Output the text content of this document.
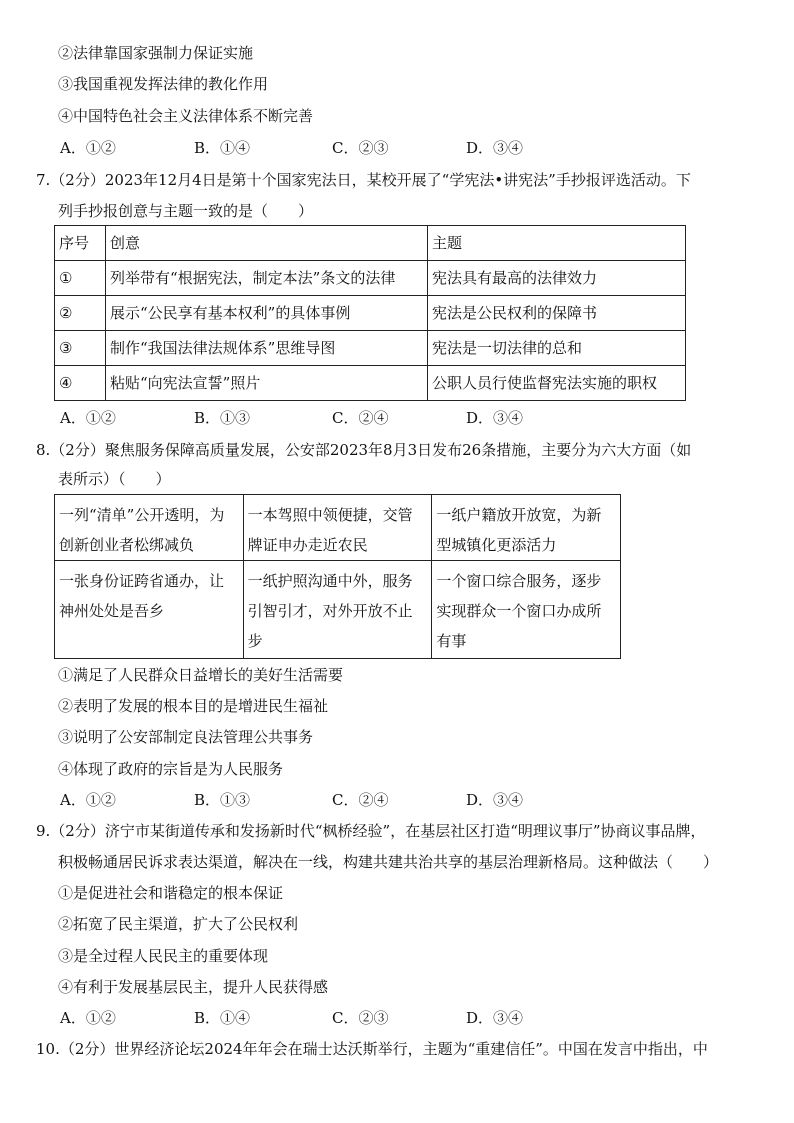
②法律靠国家强制力保证实施
③我国重视发挥法律的教化作用
④中国特色社会主义法律体系不断完善
A．①②	B．①④	C．②③	D．③④
7.（2分）2023年12月4日是第十个国家宪法日，某校开展了“学宪法•讲宪法”手抄报评选活动。下
列手抄报创意与主题一致的是（　　）
序号	创意	主题
①	列举带有“根据宪法，制定本法”条文的法律	宪法具有最高的法律效力
②	展示“公民享有基本权利”的具体事例	宪法是公民权利的保障书
③	制作“我国法律法规体系”思维导图	宪法是一切法律的总和
④	粘贴“向宪法宣誓”照片	公职人员行使监督宪法实施的职权
A．①②	B．①③	C．②④	D．③④
8.（2分）聚焦服务保障高质量发展，公安部2023年8月3日发布26条措施，主要分为六大方面（如
表所示）（　　）
一列“清单”公开透明，为创新创业者松绑减负	一本驾照中领便捷，交管牌证申办走近农民	一纸户籍放开放宽，为新型城镇化更添活力
一张身份证跨省通办，让神州处处是吾乡	一纸护照沟通中外，服务引智引才，对外开放不止步	一个窗口综合服务，逐步实现群众一个窗口办成所有事
①满足了人民群众日益增长的美好生活需要
②表明了发展的根本目的是增进民生福祉
③说明了公安部制定良法管理公共事务
④体现了政府的宗旨是为人民服务
A．①②	B．①③	C．②④	D．③④
9.（2分）济宁市某街道传承和发扬新时代“枫桥经验”，在基层社区打造“明理议事厅”协商议事品牌，
积极畅通居民诉求表达渠道，解决在一线，构建共建共治共享的基层治理新格局。这种做法（　　）
①是促进社会和谐稳定的根本保证
②拓宽了民主渠道，扩大了公民权利
③是全过程人民民主的重要体现
④有利于发展基层民主，提升人民获得感
A．①②	B．①④	C．②③	D．③④
10.（2分）世界经济论坛2024年年会在瑞士达沃斯举行，主题为“重建信任”。中国在发言中指出，中
